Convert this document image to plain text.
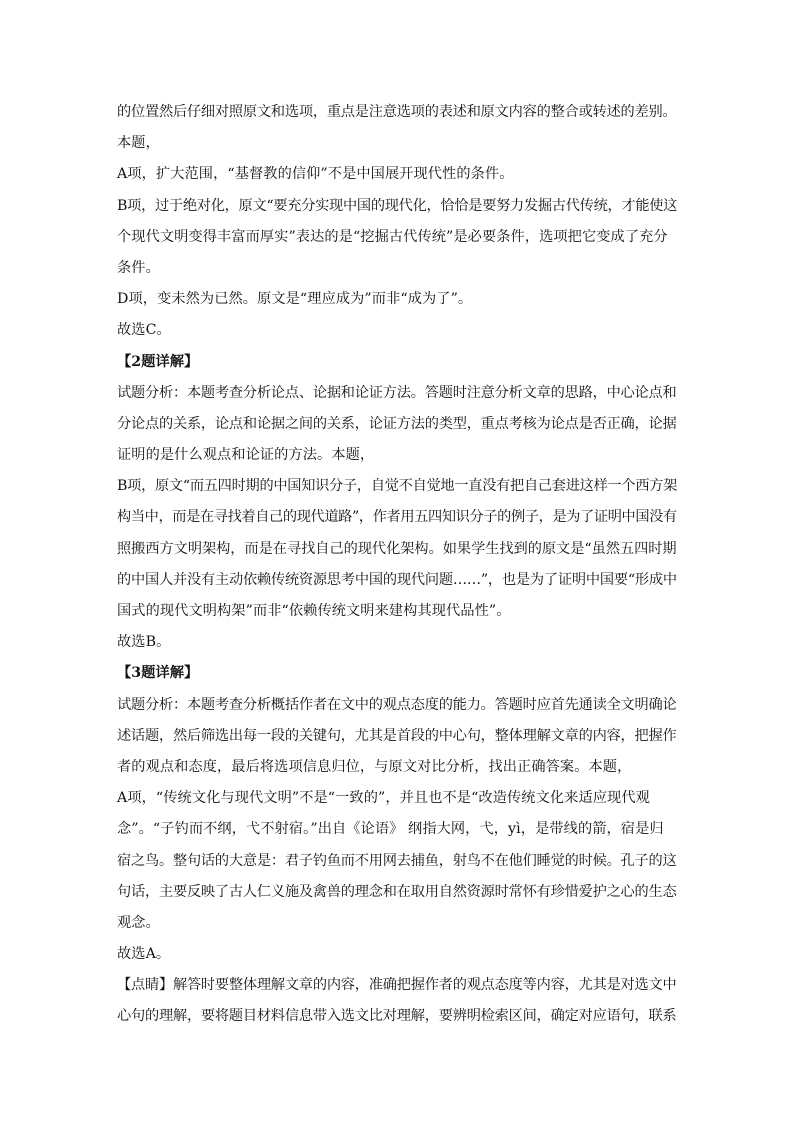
的位置然后仔细对照原文和选项，重点是注意选项的表述和原文内容的整合或转述的差别。
本题，
A项，扩大范围，“基督教的信仰”不是中国展开现代性的条件。
B项，过于绝对化，原文“要充分实现中国的现代化，恰恰是要努力发掘古代传统，才能使这
个现代文明变得丰富而厚实”表达的是“挖掘古代传统”是必要条件，选项把它变成了充分
条件。
D项，变未然为已然。原文是“理应成为”而非“成为了”。
故选C。
【2题详解】
试题分析：本题考查分析论点、论据和论证方法。答题时注意分析文章的思路，中心论点和
分论点的关系，论点和论据之间的关系，论证方法的类型，重点考核为论点是否正确，论据
证明的是什么观点和论证的方法。本题，
B项，原文“而五四时期的中国知识分子，自觉不自觉地一直没有把自己套进这样一个西方架
构当中，而是在寻找着自己的现代道路”，作者用五四知识分子的例子，是为了证明中国没有
照搬西方文明架构，而是在寻找自己的现代化架构。如果学生找到的原文是“虽然五四时期
的中国人并没有主动依赖传统资源思考中国的现代问题……”，也是为了证明中国要“形成中
国式的现代文明构架”而非“依赖传统文明来建构其现代品性”。
故选B。
【3题详解】
试题分析：本题考查分析概括作者在文中的观点态度的能力。答题时应首先通读全文明确论
述话题，然后筛选出每一段的关键句，尤其是首段的中心句，整体理解文章的内容，把握作
者的观点和态度，最后将选项信息归位，与原文对比分析，找出正确答案。本题，
A项，“传统文化与现代文明”不是“一致的”，并且也不是“改造传统文化来适应现代观
念”。“子钓而不纲，弋不射宿。”出自《论语》 纲指大网，弋，yì，是带线的箭，宿是归
宿之鸟。整句话的大意是：君子钓鱼而不用网去捕鱼，射鸟不在他们睡觉的时候。孔子的这
句话，主要反映了古人仁义施及禽兽的理念和在取用自然资源时常怀有珍惜爱护之心的生态
观念。
故选A。
【点睛】解答时要整体理解文章的内容，准确把握作者的观点态度等内容，尤其是对选文中
心句的理解，要将题目材料信息带入选文比对理解，要辨明检索区间，确定对应语句，联系
